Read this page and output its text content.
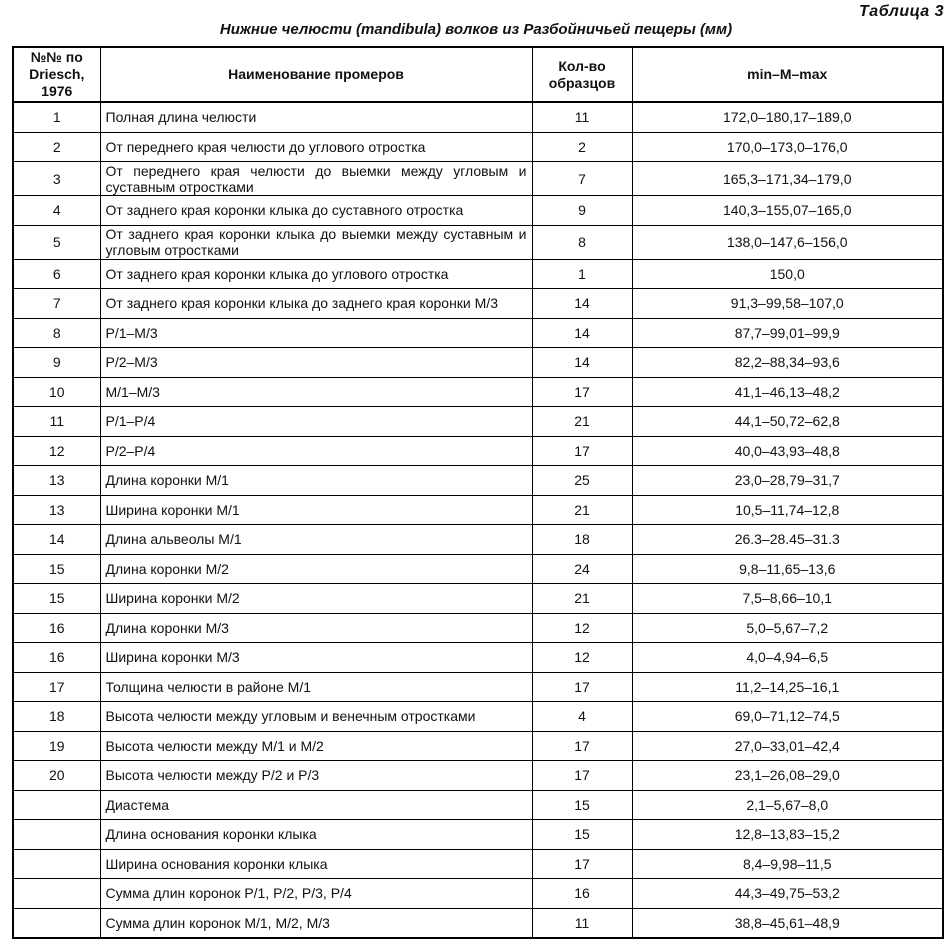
Таблица 3
Нижние челюсти (mandibula) волков из Разбойничьей пещеры (мм)
№№ по Driesch, 1976	Наименование промеров	Кол-во образцов	min–M–max
1	Полная длина челюсти	11	172,0–180,17–189,0
2	От переднего края челюсти до углового отростка	2	170,0–173,0–176,0
3	От переднего края челюсти до выемки между угловым и суставным отростками	7	165,3–171,34–179,0
4	От заднего края коронки клыка до суставного отростка	9	140,3–155,07–165,0
5	От заднего края коронки клыка до выемки между суставным и угловым отростками	8	138,0–147,6–156,0
6	От заднего края коронки клыка до углового отростка	1	150,0
7	От заднего края коронки клыка до заднего края коронки М/3	14	91,3–99,58–107,0
8	Р/1–М/3	14	87,7–99,01–99,9
9	Р/2–М/3	14	82,2–88,34–93,6
10	М/1–М/3	17	41,1–46,13–48,2
11	Р/1–Р/4	21	44,1–50,72–62,8
12	Р/2–Р/4	17	40,0–43,93–48,8
13	Длина коронки М/1	25	23,0–28,79–31,7
13	Ширина коронки М/1	21	10,5–11,74–12,8
14	Длина альвеолы М/1	18	26.3–28.45–31.3
15	Длина коронки М/2	24	9,8–11,65–13,6
15	Ширина коронки М/2	21	7,5–8,66–10,1
16	Длина коронки М/3	12	5,0–5,67–7,2
16	Ширина коронки М/3	12	4,0–4,94–6,5
17	Толщина челюсти в районе М/1	17	11,2–14,25–16,1
18	Высота челюсти между угловым и венечным отростками	4	69,0–71,12–74,5
19	Высота челюсти между М/1 и М/2	17	27,0–33,01–42,4
20	Высота челюсти между Р/2 и Р/3	17	23,1–26,08–29,0
	Диастема	15	2,1–5,67–8,0
	Длина основания коронки клыка	15	12,8–13,83–15,2
	Ширина основания коронки клыка	17	8,4–9,98–11,5
	Сумма длин коронок Р/1, Р/2, Р/3, Р/4	16	44,3–49,75–53,2
	Сумма длин коронок М/1, М/2, М/3	11	38,8–45,61–48,9
